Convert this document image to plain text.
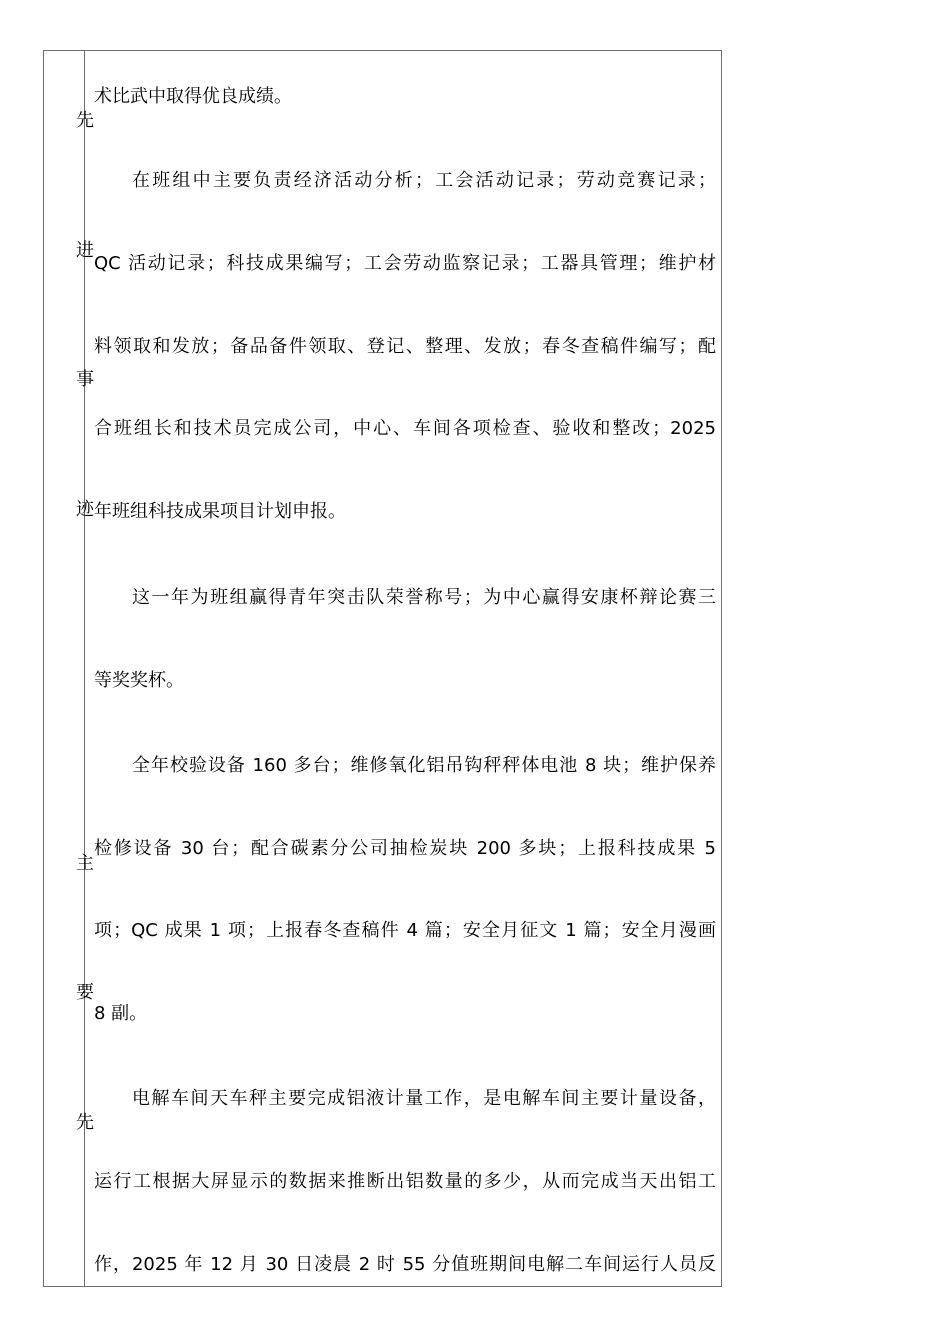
先
进
事
迹
主
要
先
术比武中取得优良成绩。
在班组中主要负责经济活动分析；工会活动记录；劳动竞赛记录；
QC 活动记录；科技成果编写；工会劳动监察记录；工器具管理；维护材
料领取和发放；备品备件领取、登记、整理、发放；春冬查稿件编写；配
合班组长和技术员完成公司，中心、车间各项检查、验收和整改；2025
年班组科技成果项目计划申报。
这一年为班组赢得青年突击队荣誉称号；为中心赢得安康杯辩论赛三
等奖奖杯。
全年校验设备 160 多台；维修氧化铝吊钩秤秤体电池 8 块；维护保养
检修设备 30 台；配合碳素分公司抽检炭块 200 多块；上报科技成果 5
项；QC 成果 1 项；上报春冬查稿件 4 篇；安全月征文 1 篇；安全月漫画
8 副。
电解车间天车秤主要完成铝液计量工作，是电解车间主要计量设备，
运行工根据大屏显示的数据来推断出铝数量的多少，从而完成当天出铝工
作，2025 年 12 月 30 日凌晨 2 时 55 分值班期间电解二车间运行人员反
